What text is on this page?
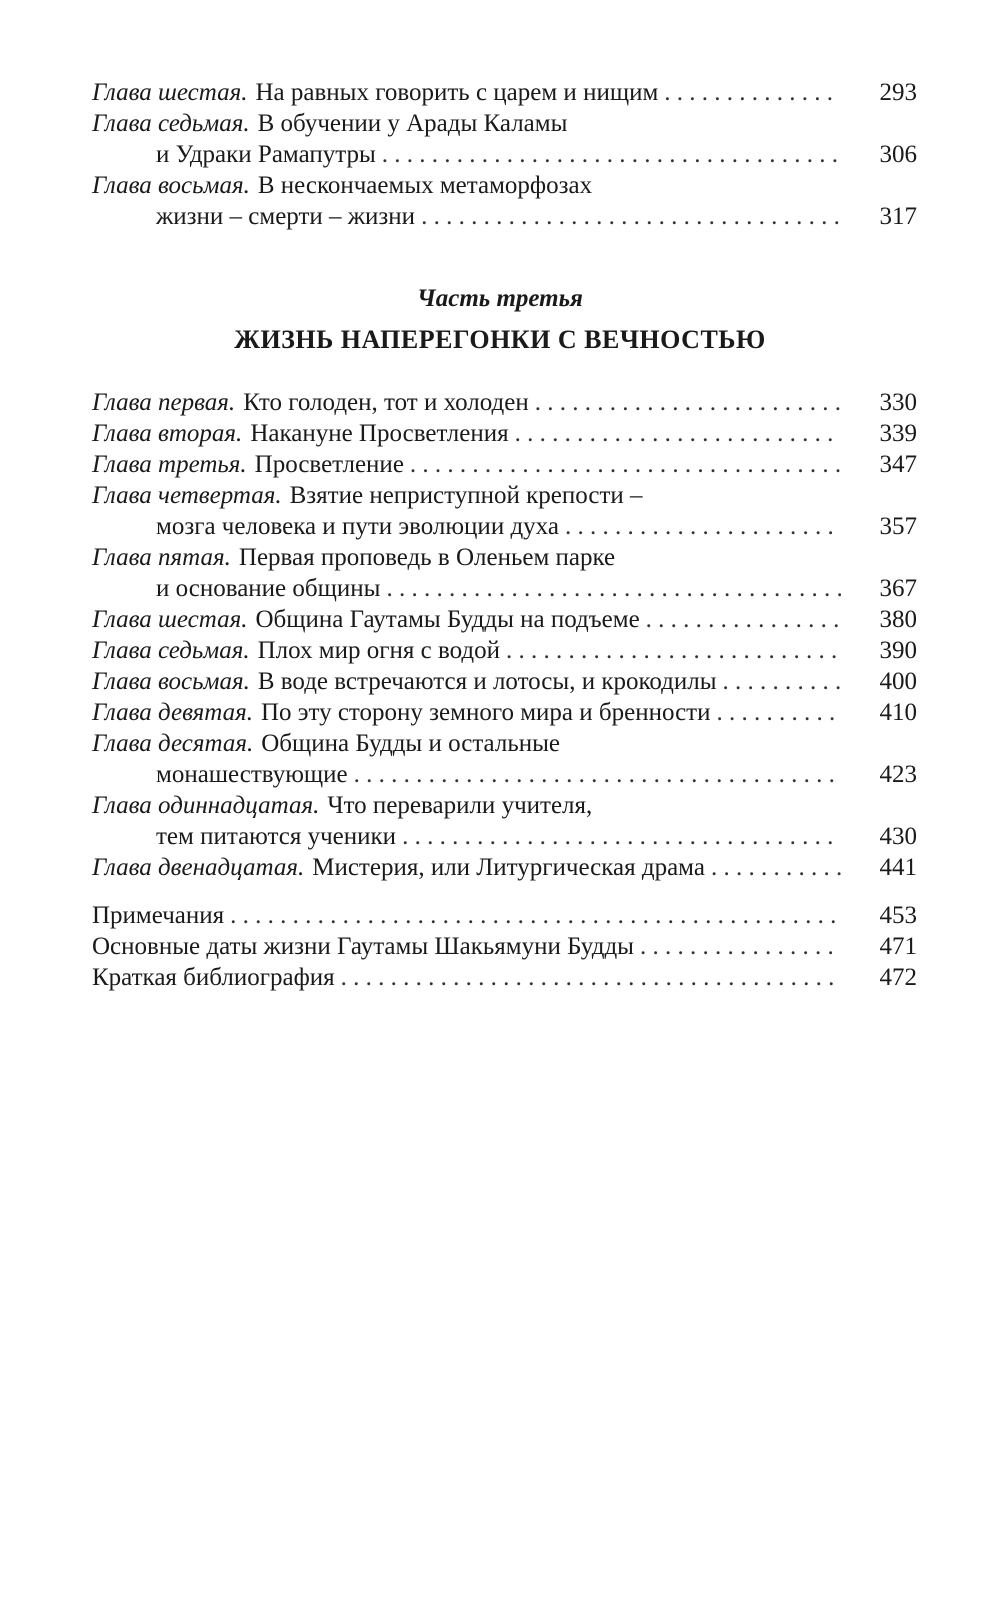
Глава шестая. На равных говорить с царем и нищим . . .	293
Глава седьмая. В обучении у Арады Каламы
и Удраки Рамапутры . . .	306
Глава восьмая. В нескончаемых метаморфозах
жизни – смерти – жизни . . .	317
Часть третья
ЖИЗНЬ НАПЕРЕГОНКИ С ВЕЧНОСТЬЮ
Глава первая. Кто голоден, тот и холоден . . .	330
Глава вторая. Накануне Просветления . . .	339
Глава третья. Просветление . . .	347
Глава четвертая. Взятие неприступной крепости –
мозга человека и пути эволюции духа . . .	357
Глава пятая. Первая проповедь в Оленьем парке
и основание общины . . .	367
Глава шестая. Община Гаутамы Будды на подъеме . . .	380
Глава седьмая. Плох мир огня с водой . . .	390
Глава восьмая. В воде встречаются и лотосы, и крокодилы . . .	400
Глава девятая. По эту сторону земного мира и бренности . . .	410
Глава десятая. Община Будды и остальные
монашествующие . . .	423
Глава одиннадцатая. Что переварили учителя,
тем питаются ученики . . .	430
Глава двенадцатая. Мистерия, или Литургическая драма . . .	441
Примечания . . .	453
Основные даты жизни Гаутамы Шакьямуни Будды . . .	471
Краткая библиография . . .	472
